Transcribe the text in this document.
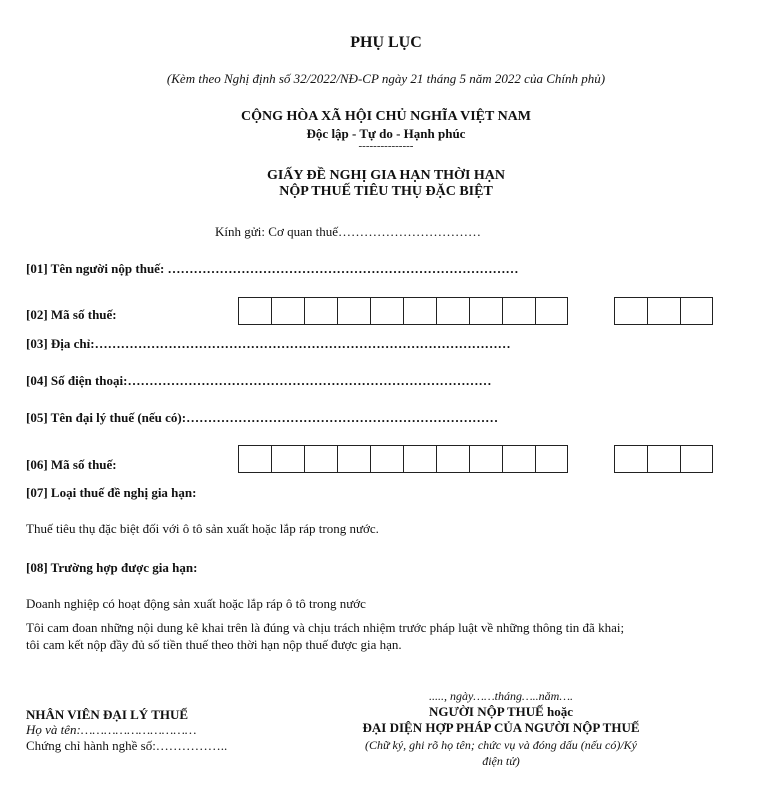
PHỤ LỤC
(Kèm theo Nghị định số 32/2022/NĐ-CP ngày 21 tháng 5 năm 2022 của Chính phủ)
CỘNG HÒA XÃ HỘI CHỦ NGHĨA VIỆT NAM
Độc lập - Tự do - Hạnh phúc
---------------
GIẤY ĐỀ NGHỊ GIA HẠN THỜI HẠN
NỘP THUẾ TIÊU THỤ ĐẶC BIỆT
Kính gửi: Cơ quan thuế……………………………
[01] Tên người nộp thuế: ………………………………………………………………………
[02] Mã số thuế:
[03] Địa chỉ:……………………………………………………………………………………
[04] Số điện thoại:…………………………………………………………………………
[05] Tên đại lý thuế (nếu có):………………………………………………………………
[06] Mã số thuế:
[07] Loại thuế đề nghị gia hạn:
Thuế tiêu thụ đặc biệt đối với ô tô sản xuất hoặc lắp ráp trong nước.
[08] Trường hợp được gia hạn:
Doanh nghiệp có hoạt động sản xuất hoặc lắp ráp ô tô trong nước
Tôi cam đoan những nội dung kê khai trên là đúng và chịu trách nhiệm trước pháp luật về những thông tin đã khai;
tôi cam kết nộp đầy đủ số tiền thuế theo thời hạn nộp thuế được gia hạn.
....., ngày……tháng…..năm….
NHÂN VIÊN ĐẠI LÝ THUẾ
Họ và tên:…………………………
Chứng chỉ hành nghề số:……………..
NGƯỜI NỘP THUẾ hoặc
ĐẠI DIỆN HỢP PHÁP CỦA NGƯỜI NỘP THUẾ
(Chữ ký, ghi rõ họ tên; chức vụ và đóng dấu (nếu có)/Ký
điện tử)
